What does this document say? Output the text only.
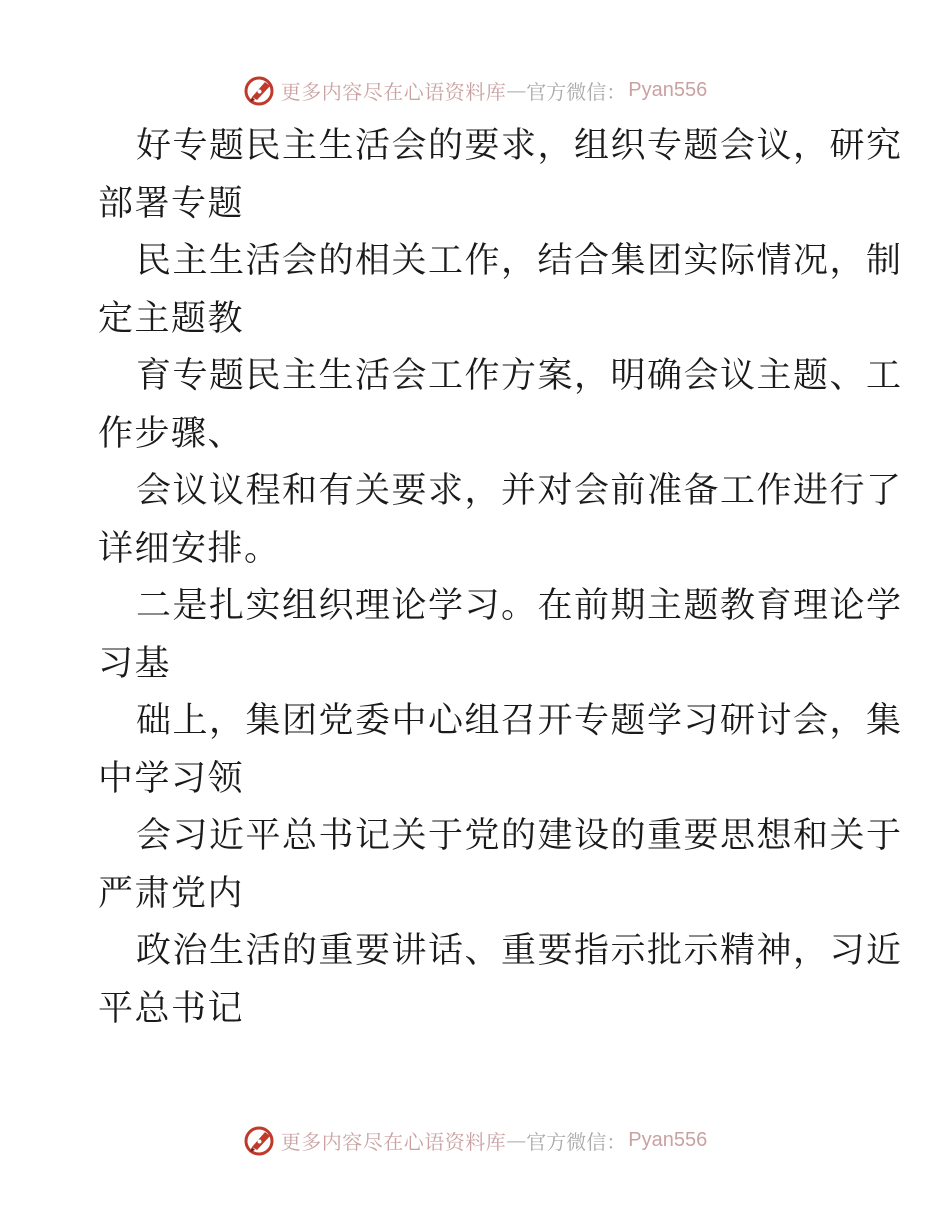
更多内容尽在心语资料库 — 官方微信： Pyan556
好专题民主生活会的要求，组织专题会议，研究
部署专题
民主生活会的相关工作，结合集团实际情况，制
定主题教
育专题民主生活会工作方案，明确会议主题、工
作步骤、
会议议程和有关要求，并对会前准备工作进行了
详细安排。
二是扎实组织理论学习。在前期主题教育理论学
习基
础上，集团党委中心组召开专题学习研讨会，集
中学习领
会习近平总书记关于党的建设的重要思想和关于
严肃党内
政治生活的重要讲话、重要指示批示精神，习近
平总书记
更多内容尽在心语资料库 — 官方微信： Pyan556
